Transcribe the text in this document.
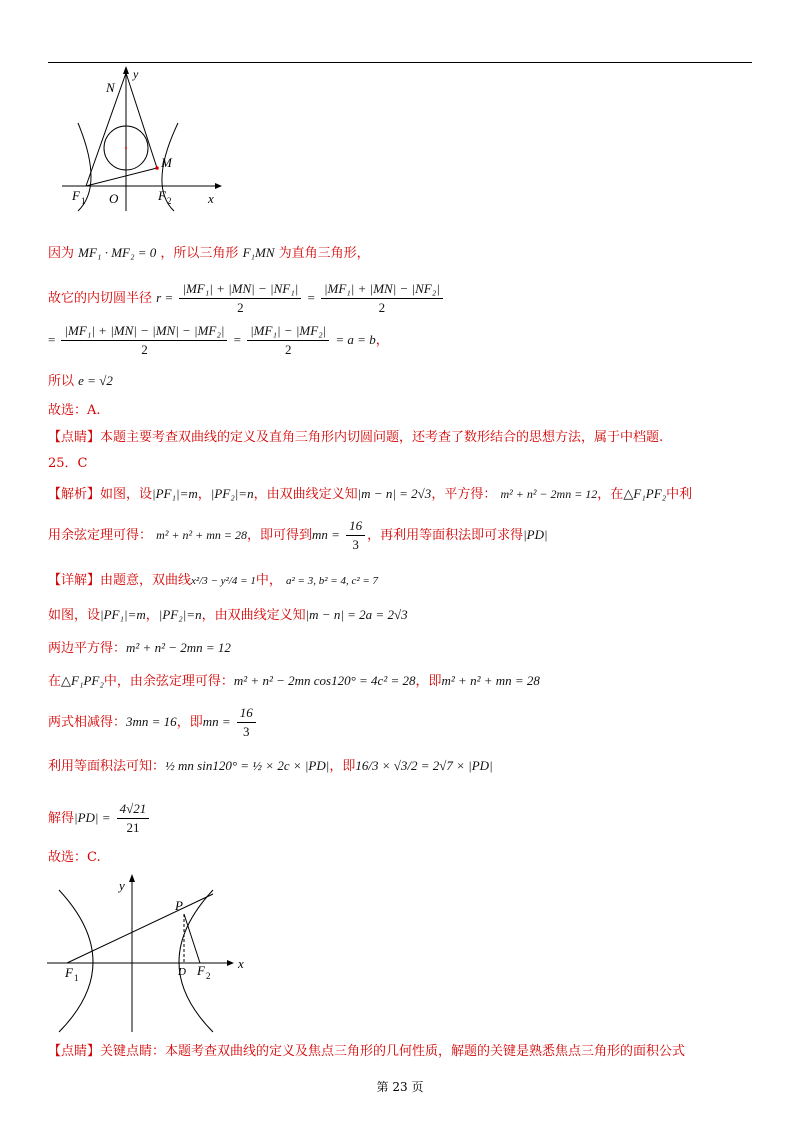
y
N
M
F 1 O	F 2	x
因为 MF₁ · MF₂ = 0 ，所以三角形 F₁MN 为直角三角形，
故它的内切圆半径 $r = \frac{\text{|MF₁| + |MN| − |NF₁|}}{2} = \frac{\text{|MF₁| + |MN| − |NF₂|}}{2}$
= $\frac{\text{|MF₁| + |MN| − |MN| − |MF₂|}}{2} = \frac{\text{|MF₁| − |MF₂|}}{2} = a = b$，
所以 e = √2
故选：A.
【点睛】本题主要考查双曲线的定义及直角三角形内切圆问题，还考查了数形结合的思想方法，属于中档题.
25．C
【解析】如图，设|PF₁|=m，|PF₂|=n，由双曲线定义知|m − n| = 2√3，平方得： m² + n² − 2mn = 12，在△F₁PF₂中利
用余弦定理可得： m² + n² + mn = 28，即可得到mn = $\frac{16}{3}$ ，再利用等面积法即可求得|PD|
【详解】由题意，双曲线x²/3 − y²/4 = 1中， a² = 3, b² = 4, c² = 7
如图，设|PF₁|=m，|PF₂|=n，由双曲线定义知|m − n| = 2a = 2√3
两边平方得：m² + n² − 2mn = 12
在△F₁PF₂中，由余弦定理可得：m² + n² − 2mn cos120° = 4c² = 28，即m² + n² + mn = 28
两式相减得：3mn = 16，即mn = $\frac{16}{3}$
利用等面积法可知：½ mn sin120° = ½ × 2c × |PD|，即16/3 × √3/2 = 2√7 × |PD|
解得$|PD| = \frac{4√21}{21}$
故选：C.
x
y
P
D
F 1	F 2
【点睛】关键点睛：本题考查双曲线的定义及焦点三角形的几何性质，解题的关键是熟悉焦点三角形的面积公式
第 23 页
